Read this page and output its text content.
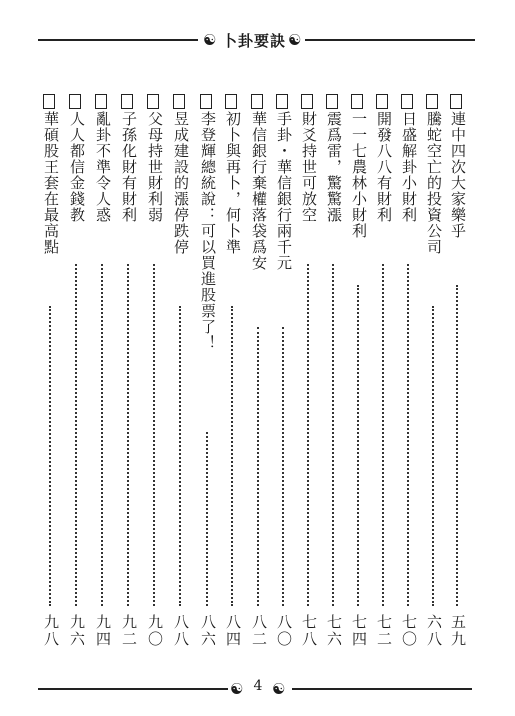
☯ 卜卦要訣 ☯
連中四次大家樂乎
五九
騰蛇空亡的投資公司
六八
日盛解卦小財利
七〇
開發八八有財利
七二
一一七農林小財利
七四
震爲雷，驚驚漲
七六
財爻持世可放空
七八
手卦・華信銀行兩千元
八〇
華信銀行棄權落袋爲安
八二
初卜與再卜，何卜準
八四
李登輝總統說：可以買進股票了！
八六
昱成建設的漲停跌停
八八
父母持世財利弱
九〇
子孫化財有財利
九二
亂卦不準令人惑
九四
人人都信金錢教
九六
華碩股王套在最高點
九八
☯ 4 ☯
